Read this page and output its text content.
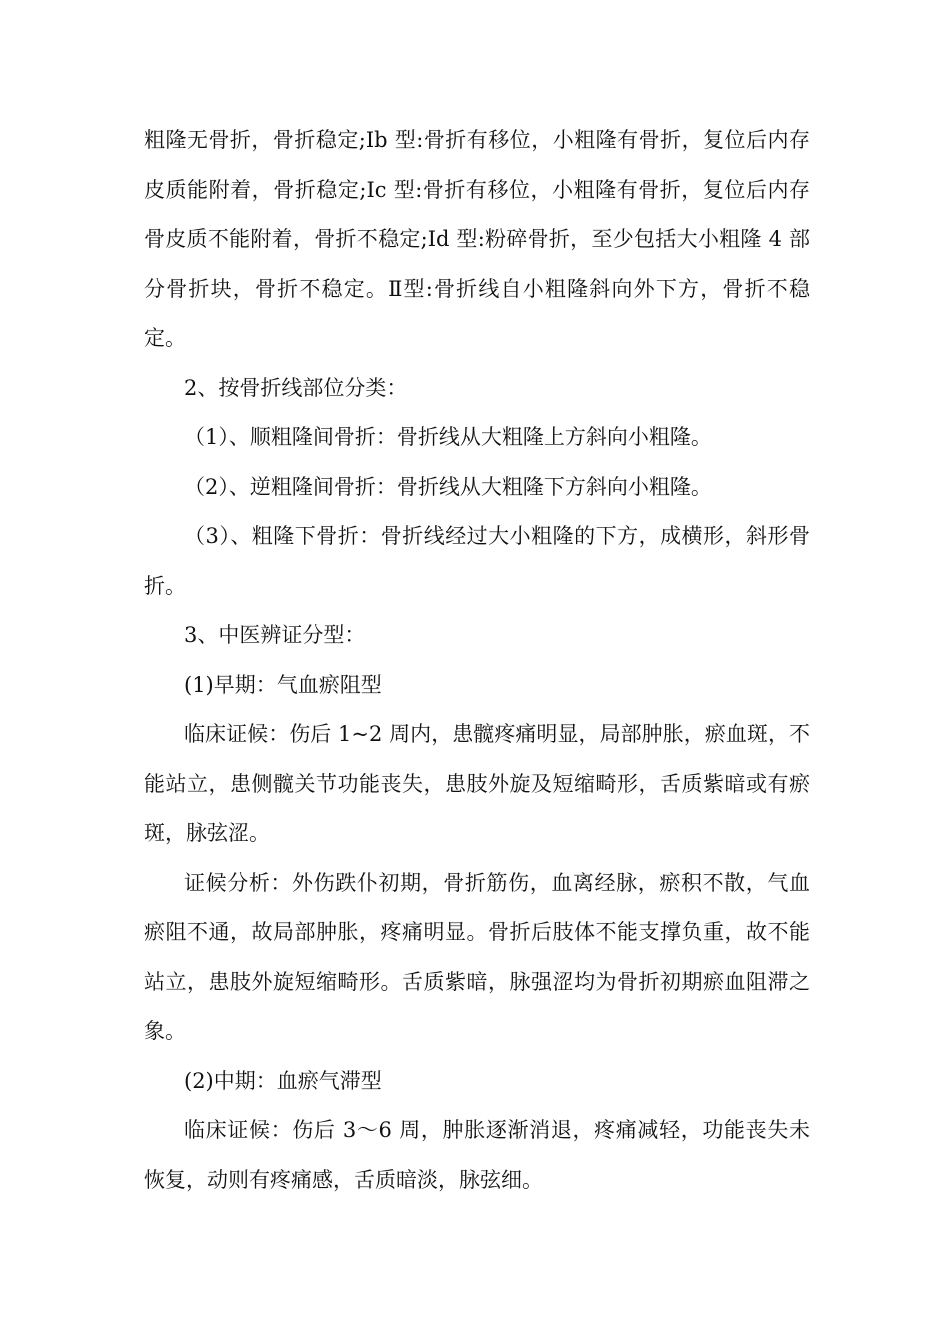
粗隆无骨折，骨折稳定;Ib 型:骨折有移位，小粗隆有骨折，复位后内存皮质能附着，骨折稳定;Ic 型:骨折有移位，小粗隆有骨折，复位后内存骨皮质不能附着，骨折不稳定;Id 型:粉碎骨折，至少包括大小粗隆 4 部分骨折块，骨折不稳定。Ⅱ型:骨折线自小粗隆斜向外下方，骨折不稳定。

2、按骨折线部位分类：

（1）、顺粗隆间骨折：骨折线从大粗隆上方斜向小粗隆。

（2）、逆粗隆间骨折：骨折线从大粗隆下方斜向小粗隆。

（3）、粗隆下骨折：骨折线经过大小粗隆的下方，成横形，斜形骨折。

3、中医辨证分型：

(1)早期：气血瘀阻型

临床证候：伤后 1~2 周内，患髋疼痛明显，局部肿胀，瘀血斑，不能站立，患侧髋关节功能丧失，患肢外旋及短缩畸形，舌质紫暗或有瘀斑，脉弦涩。

证候分析：外伤跌仆初期，骨折筋伤，血离经脉，瘀积不散，气血瘀阻不通，故局部肿胀，疼痛明显。骨折后肢体不能支撑负重，故不能站立，患肢外旋短缩畸形。舌质紫暗，脉强涩均为骨折初期瘀血阻滞之象。

(2)中期：血瘀气滞型

临床证候：伤后 3～6 周，肿胀逐渐消退，疼痛减轻，功能丧失未恢复，动则有疼痛感，舌质暗淡，脉弦细。
